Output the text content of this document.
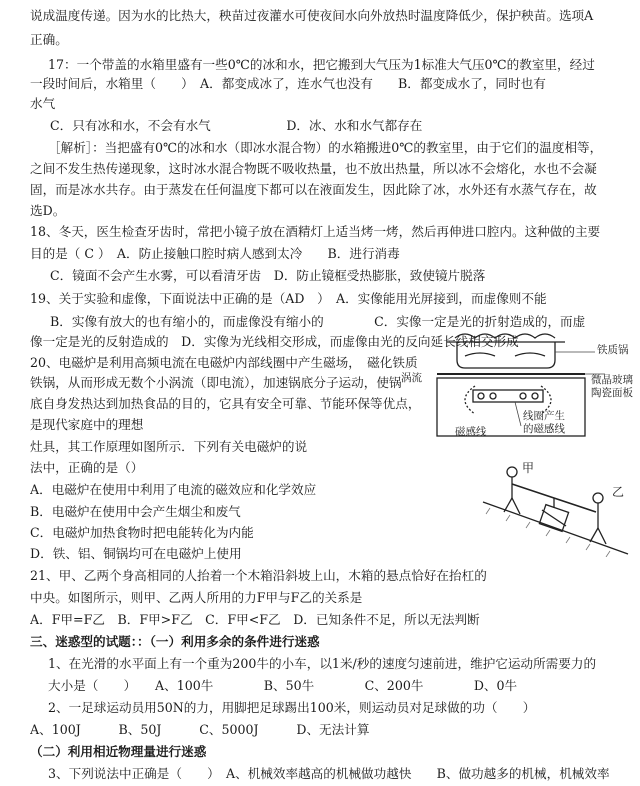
说成温度传递。因为水的比热大，秧苗过夜灌水可使夜间水向外放热时温度降低少，保护秧苗。选项A
正确。
17：一个带盖的水箱里盛有一些0℃的冰和水，把它搬到大气压为1标准大气压0℃的教室里，经过
一段时间后，水箱里（　　）　A．都变成冰了，连水气也没有　　B．都变成水了，同时也有
水气
C．只有冰和水，不会有水气　　　　　　D．冰、水和水气都存在
［解析］：当把盛有0℃的冰和水（即冰水混合物）的水箱搬进0℃的教室里，由于它们的温度相等，
之间不发生热传递现象，这时冰水混合物既不吸收热量，也不放出热量，所以冰不会熔化，水也不会凝
固，而是冰水共存。由于蒸发在任何温度下都可以在液面发生，因此除了冰，水外还有水蒸气存在，故
选D。
18、冬天，医生检查牙齿时，常把小镜子放在酒精灯上适当烤一烤，然后再伸进口腔内。这种做的主要
目的是（ C ）　A．防止接触口腔时病人感到太冷　　B．进行消毒
C．镜面不会产生水雾，可以看清牙齿　D．防止镜框受热膨胀，致使镜片脱落
19、关于实验和虚像，下面说法中正确的是（AD　）　A．实像能用光屏接到，而虚像则不能
B．实像有放大的也有缩小的，而虚像没有缩小的　　　　C．实像一定是光的折射造成的，而虚
像一定是光的反射造成的　D．实像为光线相交形成，而虚像由光的反向延长线相交形成
20、电磁炉是利用高频电流在电磁炉内部线圈中产生磁场，　磁化铁质
铁锅，从而形成无数个小涡流（即电流），加速锅底分子运动，使锅
底自身发热达到加热食品的目的，它具有安全可靠、节能环保等优点，
是现代家庭中的理想
灶具，其工作原理如图所示．下列有关电磁炉的说
法中，正确的是（）
A．电磁炉在使用中利用了电流的磁效应和化学效应
B．电磁炉在使用中会产生烟尘和废气
C．电磁炉加热食物时把电能转化为内能
D．铁、铝、铜锅均可在电磁炉上使用
21、甲、乙两个身高相同的人抬着一个木箱沿斜坡上山，木箱的悬点恰好在抬杠的
中央。如图所示，则甲、乙两人所用的力F甲与F乙的关系是
A．F甲=F乙　B．F甲>F乙　C．F甲<F乙　D．已知条件不足，所以无法判断
三、迷惑型的试题：：（一）利用多余的条件进行迷惑
1、在光滑的水平面上有一个重为200牛的小车，以1米/秒的速度匀速前进，维护它运动所需要力的
大小是（　　）　　A、100牛　　　　B、50牛　　　　C、200牛　　　　D、0牛
2、一足球运动员用50N的力，用脚把足球踢出100米，则运动员对足球做的功（　　）
A、100J　　　B、50J　　　C、5000J　　　D、无法计算
（二）利用相近物理量进行迷惑
3、下列说法中正确是（　　）　A、机械效率越高的机械做功越快　　B、做功越多的机械，机械效率
铁质锅
涡流	微晶玻璃
陶瓷面板
线圈产生
的磁感线
磁感线
甲
乙
